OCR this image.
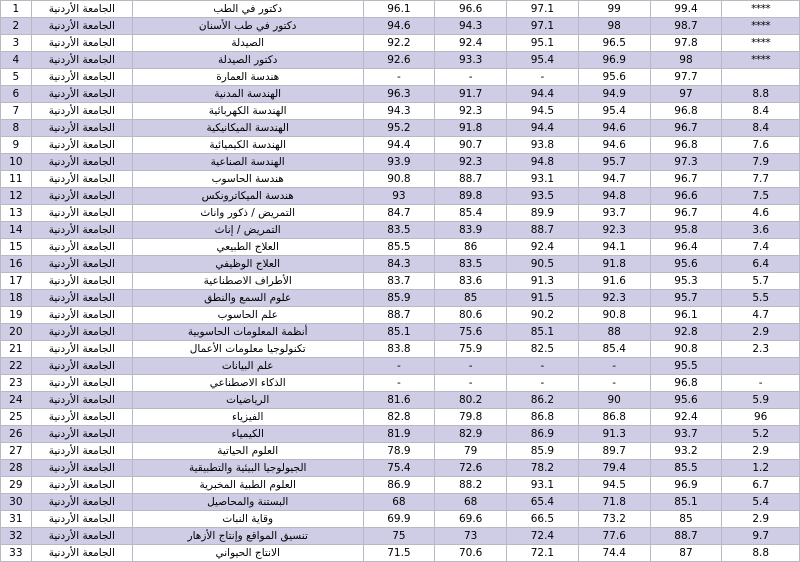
****	99.4	99	97.1	96.6	96.1	دكتور في الطب	الجامعة الأردنية	1
****	98.7	98	97.1	94.3	94.6	دكتور في طب الأسنان	الجامعة الأردنية	2
****	97.8	96.5	95.1	92.4	92.2	الصيدلة	الجامعة الأردنية	3
****	98	96.9	95.4	93.3	92.6	دكتور الصيدلة	الجامعة الأردنية	4
	97.7	95.6	-	-	-	هندسة العمارة	الجامعة الأردنية	5
8.8	97	94.9	94.4	91.7	96.3	الهندسة المدنية	الجامعة الأردنية	6
8.4	96.8	95.4	94.5	92.3	94.3	الهندسة الكهربائية	الجامعة الأردنية	7
8.4	96.7	94.6	94.4	91.8	95.2	الهندسة الميكانيكية	الجامعة الأردنية	8
7.6	96.8	94.6	93.8	90.7	94.4	الهندسة الكيميائية	الجامعة الأردنية	9
7.9	97.3	95.7	94.8	92.3	93.9	الهندسة الصناعية	الجامعة الأردنية	10
7.7	96.7	94.7	93.1	88.7	90.8	هندسة الحاسوب	الجامعة الأردنية	11
7.5	96.6	94.8	93.5	89.8	93	هندسة الميكاترونكس	الجامعة الأردنية	12
4.6	96.7	93.7	89.9	85.4	84.7	التمريض / ذكور واناث	الجامعة الأردنية	13
3.6	95.8	92.3	88.7	83.9	83.5	التمريض / إناث	الجامعة الأردنية	14
7.4	96.4	94.1	92.4	86	85.5	العلاج الطبيعي	الجامعة الأردنية	15
6.4	95.6	91.8	90.5	83.5	84.3	العلاج الوظيفي	الجامعة الأردنية	16
5.7	95.3	91.6	91.3	83.6	83.7	الأطراف الاصطناعية	الجامعة الأردنية	17
5.5	95.7	92.3	91.5	85	85.9	علوم السمع والنطق	الجامعة الأردنية	18
4.7	96.1	90.8	90.2	80.6	88.7	علم الحاسوب	الجامعة الأردنية	19
2.9	92.8	88	85.1	75.6	85.1	أنظمة المعلومات الحاسوبية	الجامعة الأردنية	20
2.3	90.8	85.4	82.5	75.9	83.8	تكنولوجيا معلومات الأعمال	الجامعة الأردنية	21
	95.5	-	-	-	-	علم البيانات	الجامعة الأردنية	22
-	96.8	-	-	-	-	الذكاء الاصطناعي	الجامعة الأردنية	23
5.9	95.6	90	86.2	80.2	81.6	الرياضيات	الجامعة الأردنية	24
96	92.4	86.8	86.8	79.8	82.8	الفيزياء	الجامعة الأردنية	25
5.2	93.7	91.3	86.9	82.9	81.9	الكيمياء	الجامعة الأردنية	26
2.9	93.2	89.7	85.9	79	78.9	العلوم الحياتية	الجامعة الأردنية	27
1.2	85.5	79.4	78.2	72.6	75.4	الجيولوجيا البيئية والتطبيقية	الجامعة الأردنية	28
6.7	96.9	94.5	93.1	88.2	86.9	العلوم الطبية المخبرية	الجامعة الأردنية	29
5.4	85.1	71.8	65.4	68	68	البستنة والمحاصيل	الجامعة الأردنية	30
2.9	85	73.2	66.5	69.6	69.9	وقاية النبات	الجامعة الأردنية	31
9.7	88.7	77.6	72.4	73	75	تنسيق المواقع وإنتاج الأزهار	الجامعة الأردنية	32
8.8	87	74.4	72.1	70.6	71.5	الانتاج الحيواني	الجامعة الأردنية	33
